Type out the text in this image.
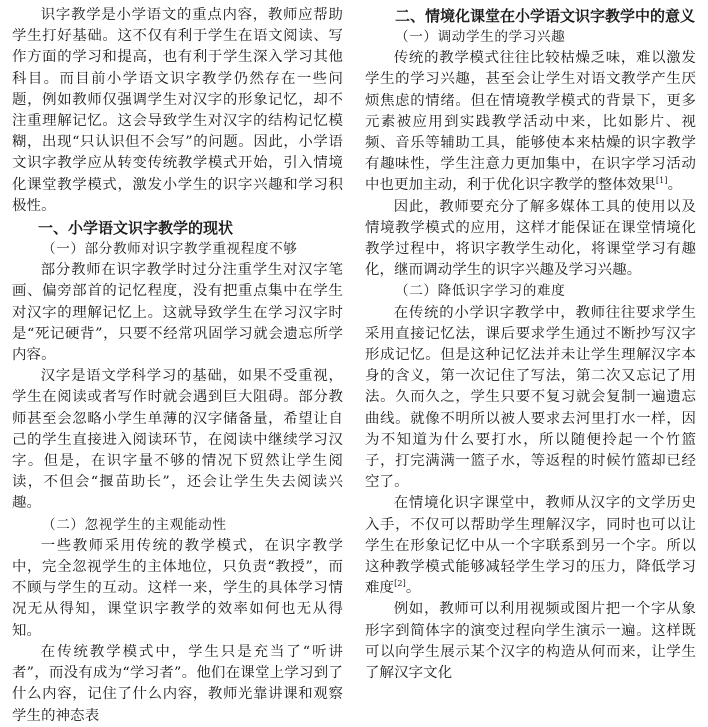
识字教学是小学语文的重点内容，教师应帮助学生打好基础。这不仅有利于学生在语文阅读、写作方面的学习和提高，也有利于学生深入学习其他科目。而目前小学语文识字教学仍然存在一些问题，例如教师仅强调学生对汉字的形象记忆，却不注重理解记忆。这会导致学生对汉字的结构记忆模糊，出现“只认识但不会写”的问题。因此，小学语文识字教学应从转变传统教学模式开始，引入情境化课堂教学模式，激发小学生的识字兴趣和学习积极性。

一、小学语文识字教学的现状
（一）部分教师对识字教学重视程度不够

部分教师在识字教学时过分注重学生对汉字笔画、偏旁部首的记忆程度，没有把重点集中在学生对汉字的理解记忆上。这就导致学生在学习汉字时是“死记硬背”，只要不经常巩固学习就会遗忘所学内容。

汉字是语文学科学习的基础，如果不受重视，学生在阅读或者写作时就会遇到巨大阻碍。部分教师甚至会忽略小学生单薄的汉字储备量，希望让自己的学生直接进入阅读环节，在阅读中继续学习汉字。但是，在识字量不够的情况下贸然让学生阅读，不但会“揠苗助长”，还会让学生失去阅读兴趣。

（二）忽视学生的主观能动性

一些教师采用传统的教学模式，在识字教学中，完全忽视学生的主体地位，只负责“教授”，而不顾与学生的互动。这样一来，学生的具体学习情况无从得知，课堂识字教学的效率如何也无从得知。

在传统教学模式中，学生只是充当了“听讲者”，而没有成为“学习者”。他们在课堂上学习到了什么内容，记住了什么内容，教师光靠讲课和观察学生的神态表

二、情境化课堂在小学语文识字教学中的意义
（一）调动学生的学习兴趣

传统的教学模式往往比较枯燥乏味，难以激发学生的学习兴趣，甚至会让学生对语文教学产生厌烦焦虑的情绪。但在情境教学模式的背景下，更多元素被应用到实践教学活动中来，比如影片、视频、音乐等辅助工具，能够使本来枯燥的识字教学有趣味性，学生注意力更加集中，在识字学习活动中也更加主动，利于优化识字教学的整体效果[1]。

因此，教师要充分了解多媒体工具的使用以及情境教学模式的应用，这样才能保证在课堂情境化教学过程中，将识字教学生动化，将课堂学习有趣化，继而调动学生的识字兴趣及学习兴趣。

（二）降低识字学习的难度

在传统的小学识字教学中，教师往往要求学生采用直接记忆法，课后要求学生通过不断抄写汉字形成记忆。但是这种记忆法并未让学生理解汉字本身的含义，第一次记住了写法，第二次又忘记了用法。久而久之，学生只要不复习就会复制一遍遗忘曲线。就像不明所以被人要求去河里打水一样，因为不知道为什么要打水，所以随便拎起一个竹篮子，打完满满一篮子水，等返程的时候竹篮却已经空了。

在情境化识字课堂中，教师从汉字的文学历史入手，不仅可以帮助学生理解汉字，同时也可以让学生在形象记忆中从一个字联系到另一个字。所以这种教学模式能够减轻学生学习的压力，降低学习难度[2]。

例如，教师可以利用视频或图片把一个字从象形字到简体字的演变过程向学生演示一遍。这样既可以向学生展示某个汉字的构造从何而来，让学生了解汉字文化
